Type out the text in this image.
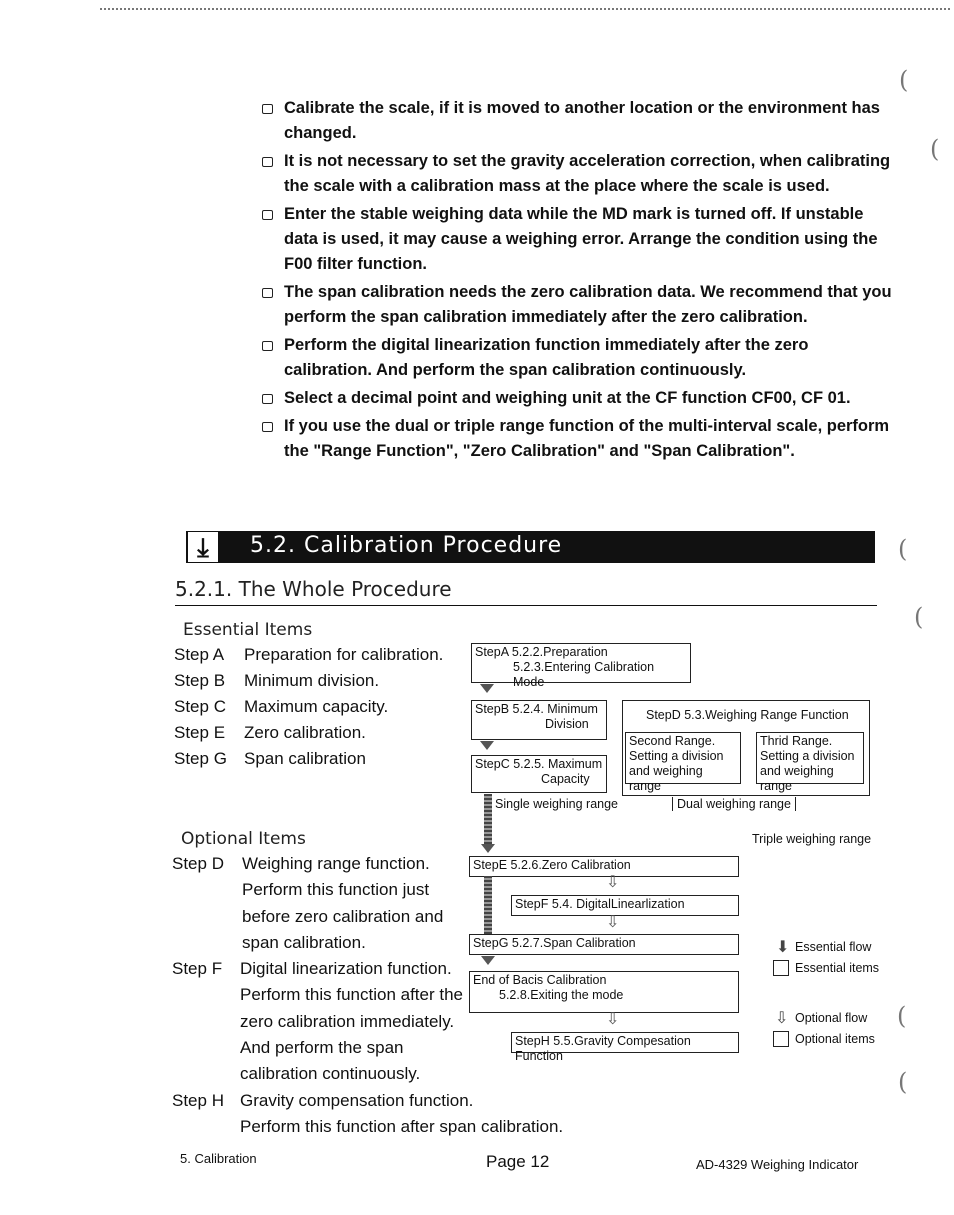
Calibrate the scale, if it is moved to another location or the environment has changed.
It is not necessary to set the gravity acceleration correction, when calibrating the scale with a calibration mass at the place where the scale is used.
Enter the stable weighing data while the MD mark is turned off. If unstable data is used, it may cause a weighing error. Arrange the condition using the F00 filter function.
The span calibration needs the zero calibration data. We recommend that you perform the span calibration immediately after the zero calibration.
Perform the digital linearization function immediately after the zero calibration. And perform the span calibration continuously.
Select a decimal point and weighing unit at the CF function CF00, CF 01.
If you use the dual or triple range function of the multi-interval scale, perform the "Range Function", "Zero Calibration" and "Span Calibration".
⤓	5.2. Calibration Procedure
5.2.1. The Whole Procedure
Essential Items
Step A Preparation for calibration.
Step B Minimum division.
Step C Maximum capacity.
Step E Zero calibration.
Step G Span calibration
Optional Items
Step D Weighing range function.
Perform this function just
before zero calibration and
span calibration.
Step F Digital linearization function.
Perform this function after the
zero calibration immediately.
And perform the span
calibration continuously.
Step H Gravity compensation function.
Perform this function after span calibration.
StepA 5.2.2.Preparation
5.2.3.Entering Calibration Mode
StepB 5.2.4. Minimum
Division
StepC 5.2.5. Maximum
Capacity
StepD 5.3.Weighing Range Function
Second Range.
Setting a division
and weighing range
Thrid Range.
Setting a division
and weighing range
Single weighing range	Dual weighing range
Triple weighing range
StepE 5.2.6.Zero Calibration
⇩
StepF 5.4. DigitalLinearlization
⇩
StepG 5.2.7.Span Calibration
End of Bacis Calibration
5.2.8.Exiting the mode
⇩
StepH 5.5.Gravity Compesation Function
⬇ Essential flow
Essential items
⇩ Optional flow
Optional items
(
(
(
(
(
(
5. Calibration	Page 12	AD-4329 Weighing Indicator
